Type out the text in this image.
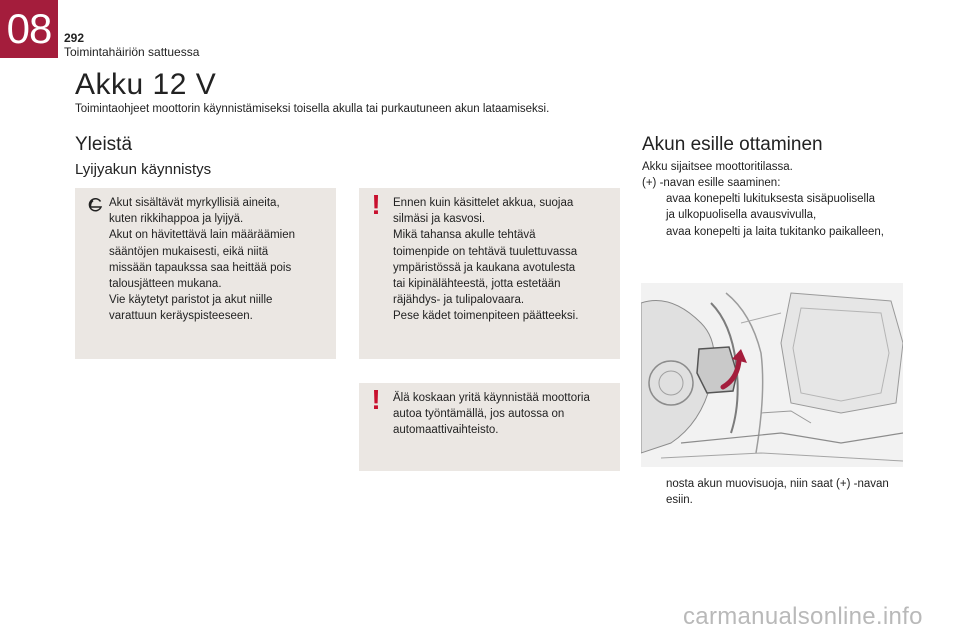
08	292
Toimintahäiriön sattuessa
Akku 12 V
Toimintaohjeet moottorin käynnistämiseksi toisella akulla tai purkautuneen akun lataamiseksi.
Yleistä
Lyijyakun käynnistys
Akut sisältävät myrkyllisiä aineita,
kuten rikkihappoa ja lyijyä.
Akut on hävitettävä lain määräämien
sääntöjen mukaisesti, eikä niitä
missään tapaukssa saa heittää pois
talousjätteen mukana.
Vie käytetyt paristot ja akut niille
varattuun keräyspisteeseen.
! Ennen kuin käsittelet akkua, suojaa
silmäsi ja kasvosi.
Mikä tahansa akulle tehtävä
toimenpide on tehtävä tuulettuvassa
ympäristössä ja kaukana avotulesta
tai kipinälähteestä, jotta estetään
räjähdys- ja tulipalovaara.
Pese kädet toimenpiteen päätteeksi.
! Älä koskaan yritä käynnistää moottoria
autoa työntämällä, jos autossa on
automaattivaihteisto.
Akun esille ottaminen
Akku sijaitsee moottoritilassa.
(+) -navan esille saaminen:
avaa konepelti lukituksesta sisäpuolisella
ja ulkopuolisella avausvivulla,
avaa konepelti ja laita tukitanko paikalleen,
nosta akun muovisuoja, niin saat (+) -navan
esiin.
carmanualsonline.info
